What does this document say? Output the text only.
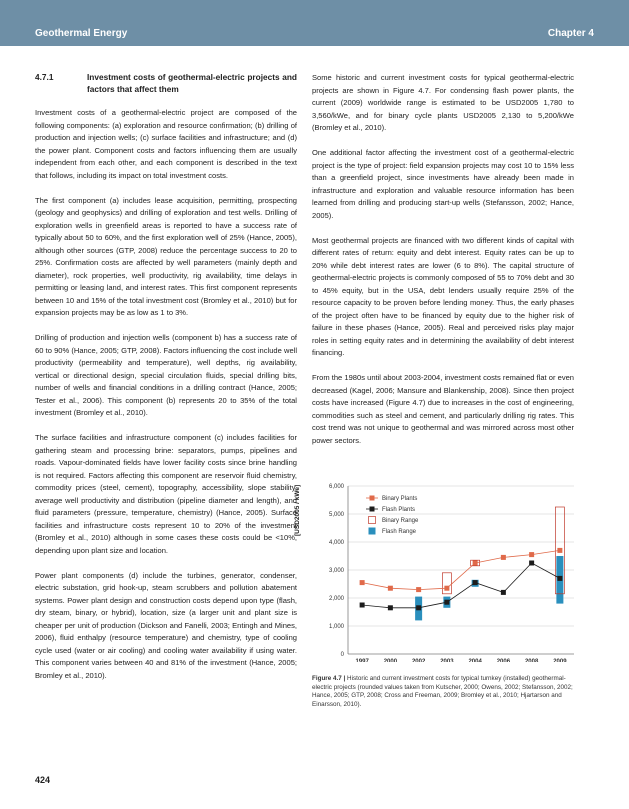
Geothermal Energy	Chapter 4
4.7.1	Investment costs of geothermal-electric projects and factors that affect them

Investment costs of a geothermal-electric project are composed of the following components: (a) exploration and resource confirmation; (b) drilling of production and injection wells; (c) surface facilities and infrastructure; and (d) the power plant. Component costs and factors influencing them are usually independent from each other, and each component is described in the text that follows, including its impact on total investment costs.

The first component (a) includes lease acquisition, permitting, prospecting (geology and geophysics) and drilling of exploration and test wells. Drilling of exploration wells in greenfield areas is reported to have a success rate of typically about 50 to 60%, and the first exploration well of 25% (Hance, 2005), although other sources (GTP, 2008) reduce the percentage success to 20 to 25%. Confirmation costs are affected by well parameters (mainly depth and diameter), rock properties, well productivity, rig availability, time delays in permitting or leasing land, and interest rates. This first component represents between 10 and 15% of the total investment cost (Bromley et al., 2010) but for expansion projects may be as low as 1 to 3%.

Drilling of production and injection wells (component b) has a success rate of 60 to 90% (Hance, 2005; GTP, 2008). Factors influencing the cost include well productivity (permeability and temperature), well depths, rig availability, vertical or directional design, special circulation fluids, special drilling bits, number of wells and financial conditions in a drilling contract (Hance, 2005; Tester et al., 2006). This component (b) represents 20 to 35% of the total investment (Bromley et al., 2010).

The surface facilities and infrastructure component (c) includes facilities for gathering steam and processing brine: separators, pumps, pipelines and roads. Vapour-dominated fields have lower facility costs since brine handling is not required. Factors affecting this component are reservoir fluid chemistry, commodity prices (steel, cement), topography, accessibility, slope stability, average well productivity and distribution (pipeline diameter and length), and fluid parameters (pressure, temperature, chemistry) (Hance, 2005). Surface facilities and infrastructure costs represent 10 to 20% of the investment (Bromley et al., 2010) although in some cases these costs could be <10%, depending upon plant size and location.

Power plant components (d) include the turbines, generator, condenser, electric substation, grid hook-up, steam scrubbers and pollution abatement systems. Power plant design and construction costs depend upon type (flash, dry steam, binary, or hybrid), location, size (a larger unit and plant size is cheaper per unit of production (Dickson and Fanelli, 2003; Entingh and Mines, 2006), fluid enthalpy (resource temperature) and chemistry, type of cooling cycle used (water or air cooling) and cooling water availability if using water. This component varies between 40 and 81% of the investment (Hance, 2005; Bromley et al., 2010).

Some historic and current investment costs for typical geothermal-electric projects are shown in Figure 4.7. For condensing flash power plants, the current (2009) worldwide range is estimated to be USD2005 1,780 to 3,560/kWe, and for binary cycle plants USD2005 2,130 to 5,200/kWe (Bromley et al., 2010).

One additional factor affecting the investment cost of a geothermal-electric project is the type of project: field expansion projects may cost 10 to 15% less than a greenfield project, since investments have already been made in infrastructure and exploration and valuable resource information has been learned from drilling and producing start-up wells (Stefansson, 2002; Hance, 2005).

Most geothermal projects are financed with two different kinds of capital with different rates of return: equity and debt interest. Equity rates can be up to 20% while debt interest rates are lower (6 to 8%). The capital structure of geothermal-electric projects is commonly composed of 55 to 70% debt and 30 to 45% equity, but in the USA, debt lenders usually require 25% of the resource capacity to be proven before lending money. Thus, the early phases of the project often have to be financed by equity due to the higher risk of failure in these phases (Hance, 2005). Real and perceived risks play major roles in setting equity rates and in determining the availability of debt interest financing.

From the 1980s until about 2003-2004, investment costs remained flat or even decreased (Kagel, 2006; Mansure and Blankenship, 2008). Since then project costs have increased (Figure 4.7) due to increases in the cost of engineering, commodities such as steel and cement, and particularly drilling rig rates. This cost trend was not unique to geothermal and was mirrored across most other power sectors.

[USD2005 / kWe]
0
1,000
2,000
3,000
4,000
5,000
6,000
1997 2000 2002 2003 2004 2006 2008 2009
Binary Plants
Flash Plants
Binary Range
Flash Range
Figure 4.7 | Historic and current investment costs for typical turnkey (installed) geothermal-electric projects (rounded values taken from Kutscher, 2000; Owens, 2002; Stefansson, 2002; Hance, 2005; GTP, 2008; Cross and Freeman, 2009; Bromley et al., 2010; Hjartarson and Einarsson, 2010).
424
